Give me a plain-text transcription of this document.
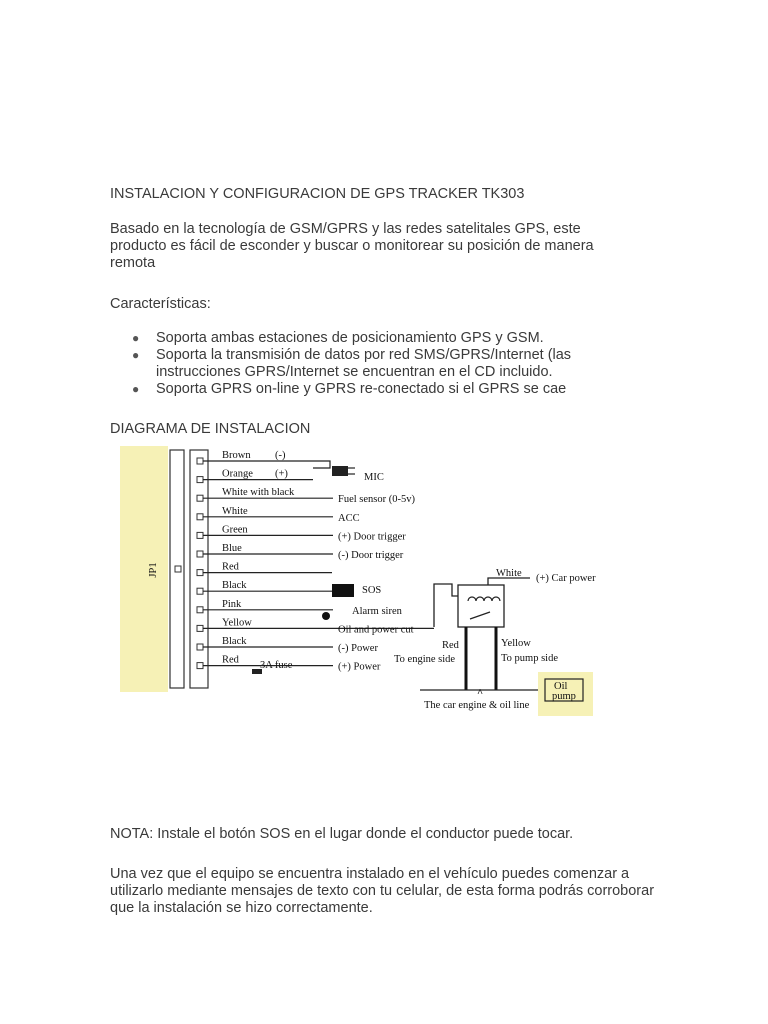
INSTALACION Y CONFIGURACION DE GPS TRACKER TK303

Basado en la tecnología de GSM/GPRS y las redes satelitales GPS, este producto es fácil de esconder y buscar o monitorear su posición de manera remota

Características:

● Soporta ambas estaciones de posicionamiento GPS y GSM.
● Soporta la transmisión de datos por red SMS/GPRS/Internet (las instrucciones GPRS/Internet se encuentran en el CD incluido.
● Soporta GPRS on-line y GPRS re-conectado si el GPRS se cae

DIAGRAMA DE INSTALACION

JP1
Brown (-)
Orange (+)
White with black
Fuel sensor (0-5v)
White
ACC
Green
(+) Door trigger
Blue
(-) Door trigger
Red
Black	SOS
Pink
Alarm siren
Yellow
Oil and power cut
Black
(-) Power
Red
(+) Power
MIC
3A fuse
White (+) Car power
Red
To engine side
Yellow
To pump side
^
Oil
pump
The car engine & oil line

NOTA: Instale el botón SOS en el lugar donde el conductor puede tocar.

Una vez que el equipo se encuentra instalado en el vehículo puedes comenzar a utilizarlo mediante mensajes de texto con tu celular, de esta forma podrás corroborar que la instalación se hizo correctamente.
